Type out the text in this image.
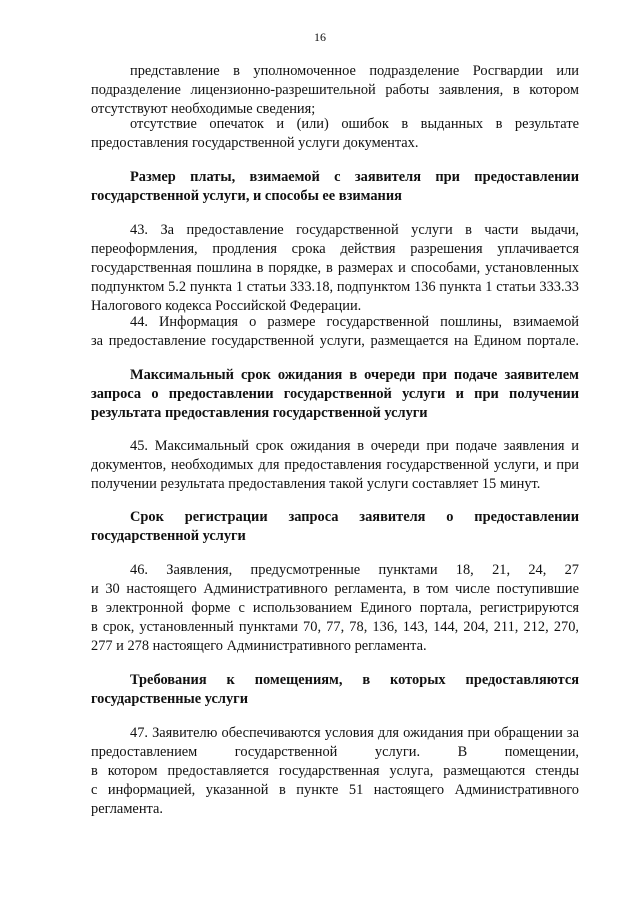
16
представление в уполномоченное подразделение Росгвардии или
подразделение лицензионно-разрешительной работы заявления, в котором
отсутствуют необходимые сведения;
отсутствие опечаток и (или) ошибок в выданных в результате
предоставления государственной услуги документах.
Размер платы, взимаемой с заявителя при предоставлении
государственной услуги, и способы ее взимания
43. За предоставление государственной услуги в части выдачи,
переоформления, продления срока действия разрешения уплачивается
государственная пошлина в порядке, в размерах и способами, установленных
подпунктом 5.2 пункта 1 статьи 333.18, подпунктом 136 пункта 1 статьи 333.33
Налогового кодекса Российской Федерации.
44. Информация о размере государственной пошлины, взимаемой
за предоставление государственной услуги, размещается на Едином портале.
Максимальный срок ожидания в очереди при подаче заявителем
запроса о предоставлении государственной услуги и при получении
результата предоставления государственной услуги
45. Максимальный срок ожидания в очереди при подаче заявления и
документов, необходимых для предоставления государственной услуги, и при
получении результата предоставления такой услуги составляет 15 минут.
Срок регистрации запроса заявителя о предоставлении
государственной услуги
46. Заявления, предусмотренные пунктами 18, 21, 24, 27
и 30 настоящего Административного регламента, в том числе поступившие
в электронной форме с использованием Единого портала, регистрируются
в срок, установленный пунктами 70, 77, 78, 136, 143, 144, 204, 211, 212, 270,
277 и 278 настоящего Административного регламента.
Требования к помещениям, в которых предоставляются
государственные услуги
47. Заявителю обеспечиваются условия для ожидания при обращении за
предоставлением государственной услуги. В помещении,
в котором предоставляется государственная услуга, размещаются стенды
с информацией, указанной в пункте 51 настоящего Административного
регламента.
